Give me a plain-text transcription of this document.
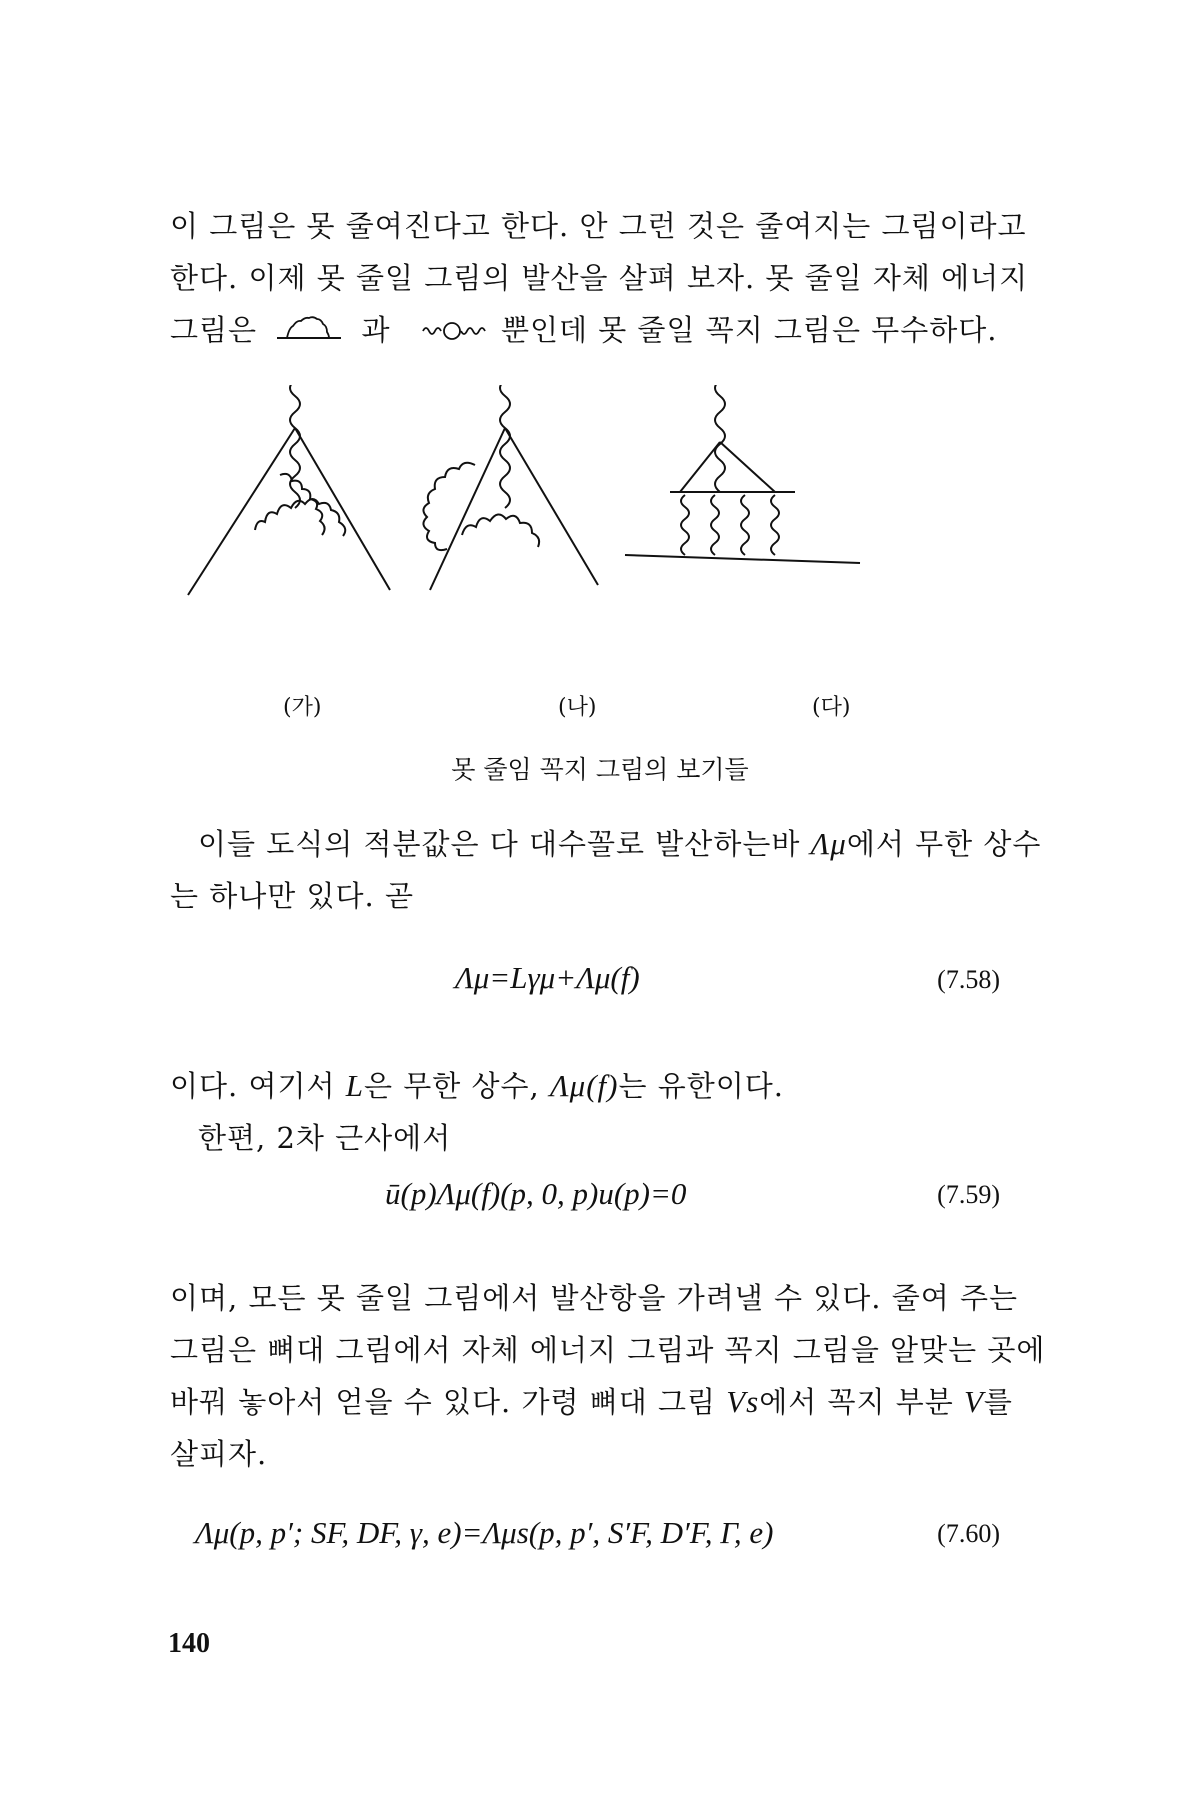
이 그림은 못 줄여진다고 한다. 안 그런 것은 줄여지는 그림이라고
한다. 이제 못 줄일 그림의 발산을 살펴 보자. 못 줄일 자체 에너지
그림은	과	뿐인데 못 줄일 꼭지 그림은 무수하다.
(가)	(나)	(다)
못 줄임 꼭지 그림의 보기들
이들 도식의 적분값은 다 대수꼴로 발산하는바 Λμ에서 무한 상수
는 하나만 있다. 곧
Λμ=Lγμ+Λμ(f)	(7.58)
이다. 여기서 L은 무한 상수, Λμ(f)는 유한이다.
한편, 2차 근사에서
ū(p)Λμ(f)(p, 0, p)u(p)=0	(7.59)
이며, 모든 못 줄일 그림에서 발산항을 가려낼 수 있다. 줄여 주는
그림은 뼈대 그림에서 자체 에너지 그림과 꼭지 그림을 알맞는 곳에
바꿔 놓아서 얻을 수 있다. 가령 뼈대 그림 Vs에서 꼭지 부분 V를
살피자.
Λμ(p, p′; SF, DF, γ, e)=Λμs(p, p′, S′F, D′F, Γ, e)	(7.60)
140
